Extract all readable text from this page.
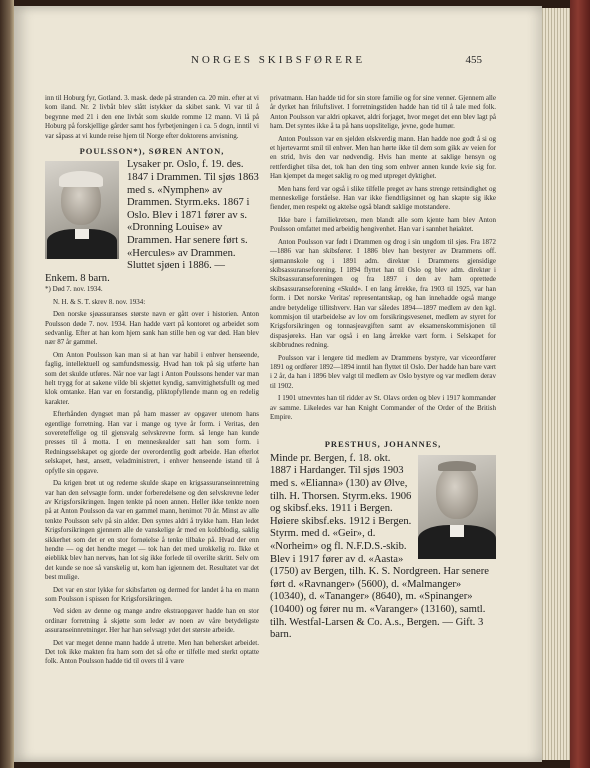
NORGES SKIBSFØRERE	455

inn til Hoburg fyr, Gotland. 3. mask. døde på stranden ca. 20 min. efter at vi kom iland. Nr. 2 livbåt blev slått istykker da skibet sank. Vi var til å begynne med 21 i den ene livbåt som skulde romme 12 mann. Vi lå på Hoburg på forskjellige gårder samt hos fyrbetjeningen i ca. 5 dogn, inntil vi var såpass at vi kunde reise hjem til Norge efter doktorens anvisning.

POULSSON*), SØREN ANTON,
Lysaker pr. Oslo, f. 19. des. 1847 i Drammen. Til sjøs 1863 med s. «Nymphen» av Drammen. Styrm.eks. 1867 i Oslo. Blev i 1871 fører av s. «Dronning Louise» av Drammen. Har senere ført s. «Hercules» av Drammen. Sluttet sjøen i 1886. — Enkem. 8 barn.

*) Død 7. nov. 1934.

N. H. & S. T. skrev 8. nov. 1934:

Den norske sjøassuranses største navn er gått over i historien. Anton Poulsson døde 7. nov. 1934. Han hadde vært på kontoret og arbeidet som sedvanlig. Efter at han kom hjem sank han stille hen og var død. Han blev nær 87 år gammel.

Om Anton Poulsson kan man si at han var habil i enhver henseende, faglig, intellektuell og samfundsmessig. Hvad han tok på sig utførte han som det skulde utføres. Når noe var lagt i Anton Poulssons hender var man helt trygg for at sakene vilde bli skjøttet kyndig, samvittighetsfullt og med klok omtanke. Han var en forstandig, pliktopfyllende mann og en redelig karakter.

Efterhånden dyngset man på ham masser av opgaver utenom hans egentlige forretning. Han var i mange og tyve år form. i Veritas, den sovereteffelige og til gjensvalg selvskrevne form. så lenge han kunde presses til å motta. I en menneskealder satt han som form. i Redningsselskapet og gjorde der overordentlig godt arbeide. Han efterlot selskapet, høst, ansett, veladministrert, i enhver henseende istand til å opfylle sin opgave.

Da krigen brøt ut og rederne skulde skape en krigsassuranseinnretning var han den selvsagte form. under forberedelsene og den selvskrevne leder av Krigsforsikringen. Ingen tenkte på noen annen. Heller ikke tenkte noen på at Anton Poulsson da var en gammel mann, henimot 70 år. Minst av alle tenkte Poulsson selv på sin alder. Den syntes aldri å trykke ham. Han ledet Krigsforsikringen gjennem alle de vanskelige år med en koldblodig, saklig sikkerhet som det er en stor fornøielse å tenke tilbake på. Hvad der enn hendte — og det hendte meget — tok han det med urokkelig ro. Ikke et øieblikk blev han nervøs, han lot sig ikke forlede til overilte skritt. Selv om det kunde se noe så vanskelig ut, kom han igjennem det. Resultatet var det best mulige.

Det var en stor lykke for skibsfarten og dermed for landet å ha en mann som Poulsson i spissen for Krigsforsikringen.

Ved siden av denne og mange andre ekstraopgaver hadde han en stor ordinær forretning å skjøtte som leder av noen av våre betydeligste assuranseinnretninger. Her har han selvsagt ydet det største arbeide.

Det var meget denne mann hadde å utrette. Men han behersket arbeidet. Det tok ikke makten fra ham som det så ofte er tilfelle med sterkt optatte folk. Anton Poulsson hadde tid til overs til å være

privatmann. Han hadde tid for sin store familie og for sine venner. Gjennem alle år dyrket han friluftslivet. I forretningstiden hadde han tid til å tale med folk. Anton Poulsson var aldri opkavet, aldri forjaget, hvor meget det enn blev lagt på ham. Det syntes ikke å ta på hans uopslitelige, jevne, gode humør.

Anton Poulsson var en sjelden elskverdig mann. Han hadde noe godt å si og et hjertevarmt smil til enhver. Men han hørte ikke til dem som gikk av veien for en strid, hvis den var nødvendig. Hvis han mente at saklige hensyn og rettferdighet tilsa det, tok han den ting som enhver annen kunde kvie sig for. Han kjempet da meget saklig ro og med utpreget dyktighet.

Men hans ferd var også i slike tilfelle preget av hans strenge rettsindighet og menneskelige forståelse. Han var ikke fiendtligsinnet og han skapte sig ikke fiender, men respekt og aktelse også blandt saklige motstandere.

Ikke bare i familiekretsen, men blandt alle som kjente ham blev Anton Poulsson omfattet med arbeidig hengivenhet. Han var i sannhet høiaktet.

Anton Poulsson var født i Drammen og drog i sin ungdom til sjøs. Fra 1872—1886 var han skibsfører. I 1886 blev han bestyrer av Drammens off. sjømannskole og i 1891 adm. direktør i Drammens gjensidige skibsassuranseforening. I 1894 flyttet han til Oslo og blev adm. direktør i Skibsassuranseforeningen og fra 1897 i den av ham oprettede skibsassuranseforening «Skuld». I en lang årrekke, fra 1903 til 1925, var han form. i Det norske Veritas' representantskap, og han innehadde også mange andre betydelige tillitshverv. Han var således 1894—1897 medlem av den kgl. kommisjon til utarbeidelse av lov om forsikringsvesenet, medlem av styret for Krigsforsikringen og tonnasjeavgiften samt av eksamenskommisjonen til dispasjøreks. Han var også i en lang årrekke vært form. i Selskapet for skibbrudnes redning.

Poulsson var i lengere tid medlem av Drammens bystyre, var viceordfører 1891 og ordfører 1892—1894 inntil han flyttet til Oslo. Der hadde han bare vært i 2 år, da han i 1896 blev valgt til medlem av Oslo bystyre og var medlem derav til 1902.

I 1901 utnevntes han til ridder av St. Olavs orden og blev i 1917 kommandør av samme. Likeledes var han Knight Commander of the Order of the British Empire.

PRESTHUS, JOHANNES,
Minde pr. Bergen, f. 18. okt. 1887 i Hardanger. Til sjøs 1903 med s. «Elianna» (130) av Ølve, tilh. H. Thorsen. Styrm.eks. 1906 og skibsf.eks. 1911 i Bergen. Høiere skibsf.eks. 1912 i Bergen. Styrm. med d. «Geir», d. «Norheim» og fl. N.F.D.S.-skib. Blev i 1917 fører av d. «Aasta» (1750) av Bergen, tilh. K. S. Nordgreen. Har senere ført d. «Ravnanger» (5600), d. «Malmanger» (10340), d. «Tananger» (8640), m. «Spinanger» (10400) og fører nu m. «Varanger» (13160), samtl. tilh. Westfal-Larsen & Co. A.s., Bergen. — Gift. 3 barn.
